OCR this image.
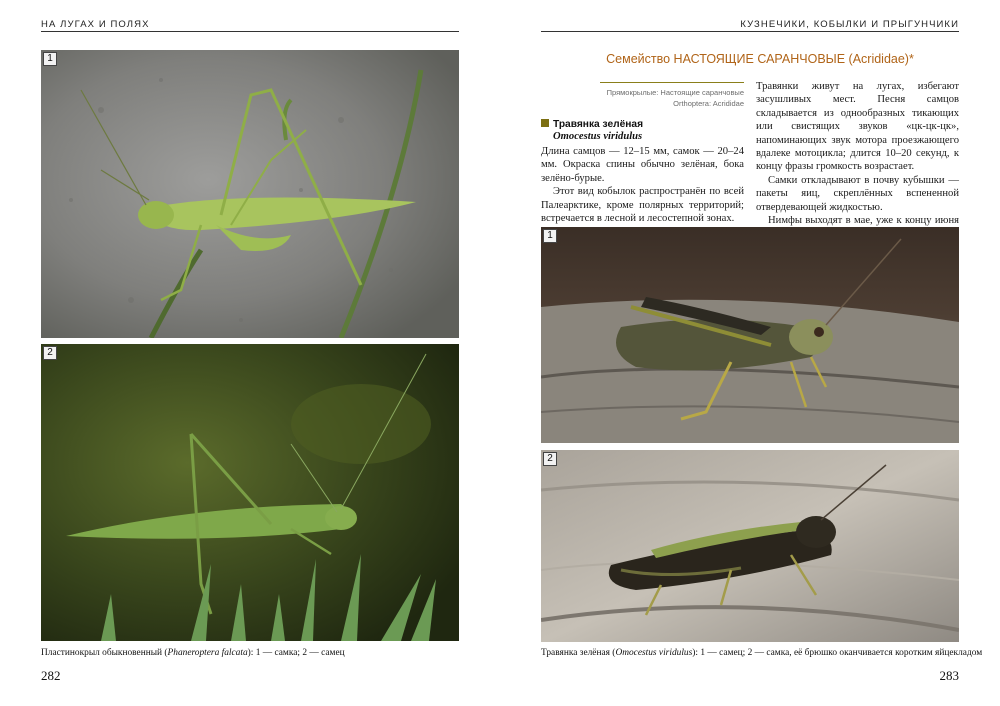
НА ЛУГАХ И ПОЛЯХ
1
2
Пластинокрыл обыкновенный (Phaneroptera falcata): 1 — самка; 2 — самец
282
КУЗНЕЧИКИ, КОБЫЛКИ И ПРЫГУНЧИКИ
Семейство НАСТОЯЩИЕ САРАНЧОВЫЕ (Acrididae)*
Прямокрылые: Настоящие саранчовые
Orthoptera: Acrididae
Травянка зелёная
Omocestus viridulus

Длина самцов — 12–15 мм, самок — 20–24 мм. Окраска спины обычно зелёная, бока зелёно-бурые.

Этот вид кобылок распространён по всей Палеарктике, кроме полярных территорий; встречается в лесной и лесостепной зонах.

Травянки живут на лугах, избегают засушливых мест. Песня самцов складывается из однообразных тикающих или свистящих звуков «цк-цк-цк», напоминающих звук мотора проезжающего вдалеке мотоцикла; длится 10–20 секунд, к концу фразы громкость возрастает.

Самки откладывают в почву кубышки — пакеты яиц, скреплённых вспененной отвердевающей жидкостью.

Нимфы выходят в мае, уже к концу июня

1
2
Травянка зелёная (Omocestus viridulus): 1 — самец; 2 — самка, её брюшко оканчивается коротким яйцекладом
283
